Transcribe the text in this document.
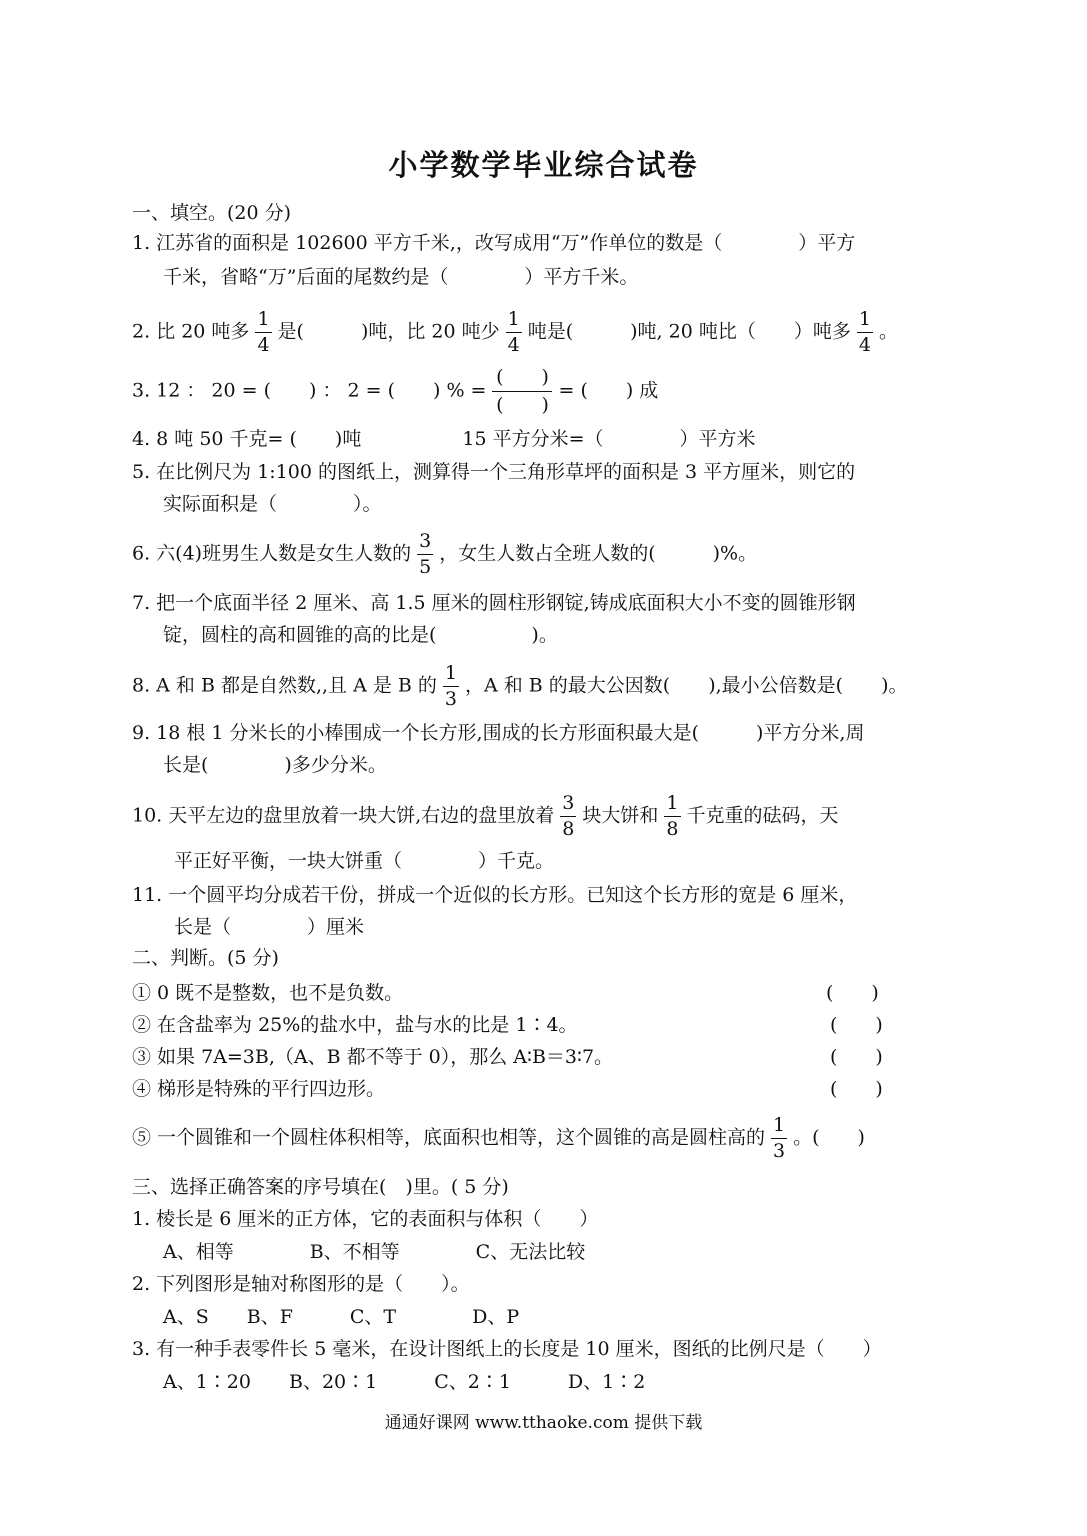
小学数学毕业综合试卷
一、填空。(20 分)
1. 江苏省的面积是 102600 平方千米,，改写成用“万”作单位的数是（　　　　）平方
千米，省略“万”后面的尾数约是（　　　　）平方千米。
2. 比 20 吨多 $\frac{1}{4}$ 是(　　　)吨，比 20 吨少 $\frac{1}{4}$ 吨是(　　　)吨, 20 吨比（　　）吨多 $\frac{1}{4}$ 。
3. 12 ： 20 = (　　) ： 2 = (　　) % = $\frac{( )}{( )}$ = (　　) 成
4. 8 吨 50 千克= (　　)吨　　　　　 15 平方分米=（　　　　）平方米
5. 在比例尺为 1:100 的图纸上，测算得一个三角形草坪的面积是 3 平方厘米，则它的
实际面积是（　　　　）。
6. 六(4)班男生人数是女生人数的 $\frac{3}{5}$ ，女生人数占全班人数的(　　　)%。
7. 把一个底面半径 2 厘米、高 1.5 厘米的圆柱形钢锭,铸成底面积大小不变的圆锥形钢
锭，圆柱的高和圆锥的高的比是(　　　　　)。
8. A 和 B 都是自然数,,且 A 是 B 的 $\frac{1}{3}$ ，A 和 B 的最大公因数(　　),最小公倍数是(　　)。
9. 18 根 1 分米长的小棒围成一个长方形,围成的长方形面积最大是(　　　)平方分米,周
长是(　　　　)多少分米。
10. 天平左边的盘里放着一块大饼,右边的盘里放着 $\frac{3}{8}$ 块大饼和 $\frac{1}{8}$ 千克重的砝码，天
平正好平衡，一块大饼重（　　　　）千克。
11. 一个圆平均分成若干份，拼成一个近似的长方形。已知这个长方形的宽是 6 厘米，
长是（　　　　）厘米
二、判断。(5 分)
① 0 既不是整数，也不是负数。	(　　)
② 在含盐率为 25%的盐水中，盐与水的比是 1∶4。	(　　)
③ 如果 7A=3B,（A、B 都不等于 0），那么 A∶B＝3∶7。	(　　)
④ 梯形是特殊的平行四边形。	(　　)
⑤ 一个圆锥和一个圆柱体积相等，底面积也相等，这个圆锥的高是圆柱高的 $\frac{1}{3}$ 。(　　)
三、选择正确答案的序号填在(　)里。( 5 分)
1. 棱长是 6 厘米的正方体，它的表面积与体积（　　）
A、相等　　　　B、不相等　　　　C、无法比较
2. 下列图形是轴对称图形的是（　　）。
A、S　　B、F　　　C、T　　　　D、P
3. 有一种手表零件长 5 毫米，在设计图纸上的长度是 10 厘米，图纸的比例尺是（　　）
A、1∶20　　B、20∶1　　　C、2∶1　　　D、1∶2
通通好课网 www.tthaoke.com 提供下载
